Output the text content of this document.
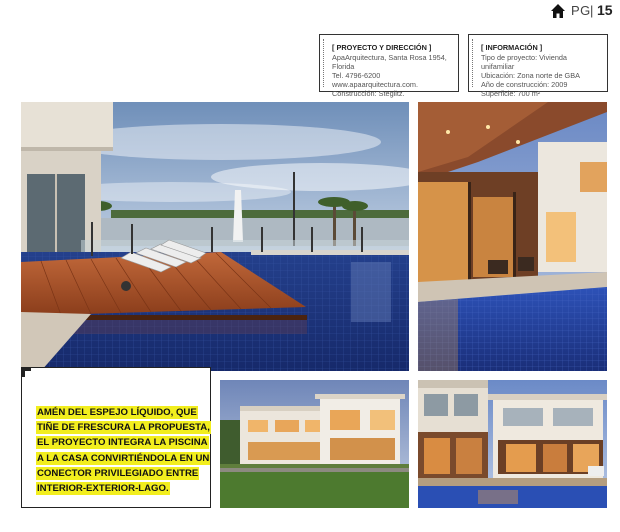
PG | 15
[ PROYECTO Y DIRECCIÓN ]
ApaArquitectura, Santa Rosa 1954, Florida
Tel. 4796-6200
www.apaarquitectura.com.
Construcción: Steglitz.
[ INFORMACIÓN ]
Tipo de proyecto: Vivienda unifamiliar
Ubicación: Zona norte de GBA
Año de construcción: 2009
Superficie: 700 m²
AMÉN DEL ESPEJO LÍQUIDO, QUE
TIÑE DE FRESCURA LA PROPUESTA,
EL PROYECTO INTEGRA LA PISCINA
A LA CASA CONVIRTIÉNDOLA EN UN
CONECTOR PRIVILEGIADO ENTRE
INTERIOR-EXTERIOR-LAGO.
